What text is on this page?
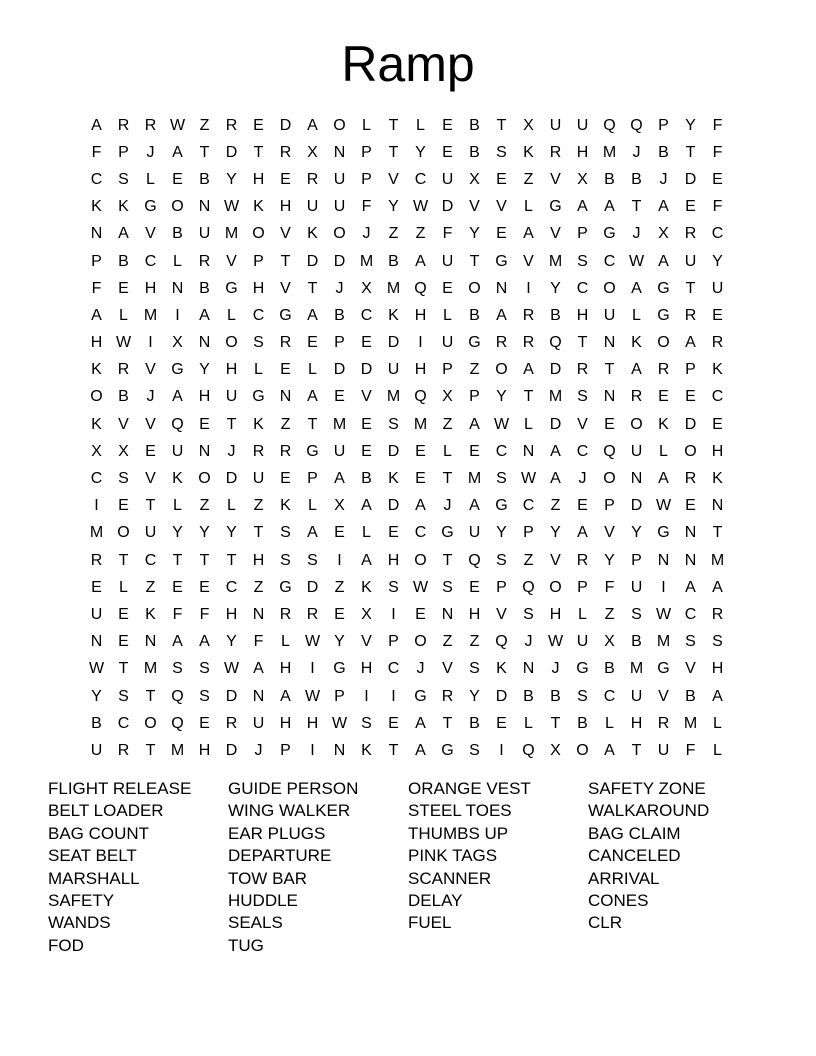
Ramp
A R R W Z	R E D A O	L	T	L	E	B	T	X U U Q Q P	Y	F
F	P	J	A	T	D	T	R X N P	T	Y	E	B	S	K R H M	J	B	T	F
C S	L	E	B	Y H E R U P	V C U X	E	Z	V	X	B	B	J	D E
K	K G O N W K H U U	F	Y W D V	V	L	G A	A	T	A	E	F
N A	V	B U M O V	K O	J	Z	Z	F	Y	E	A	V	P G	J	X R C
P	B C	L	R V	P	T	D D M B	A U	T G V M S C W A U Y
F	E H N B G H V	T	J	X M Q E O N	I	Y C O A G T	U
A	L M	I	A	L	C G A	B C K H	L	B	A R B H U	L	G R E
H W	I	X N O S R E	P	E D	I	U G R R Q T	N K O A R
K R V G Y H	L	E	L	D D U H P	Z O A D R	T	A R P	K
O B	J	A H U G N A	E	V M Q X	P	Y	T M S N R E	E C
K	V	V Q E	T	K	Z	T M E	S M Z	A W L	D V	E O K D E
X	X	E U N	J	R R G U E D E	L	E C N A C Q U	L	O H
C S	V	K O D U E	P	A	B	K	E	T M S W A	J	O N A R K
I	E	T	L	Z	L	Z	K	L	X	A D A	J	A G C	Z	E	P D W E N
M O U Y	Y	Y	T	S	A	E	L	E C G U Y	P	Y	A	V	Y G N	T
R	T	C	T	T	T	H S	S	I	A H O T Q S	Z	V R Y	P N N M
E	L	Z	E	E C	Z G D	Z	K	S W S	E	P Q O P	F	U	I	A	A
U E	K	F	F	H N R R E	X	I	E N H V	S H	L	Z	S W C R
N E N A	A	Y	F	L W Y	V	P O Z	Z Q	J W U X	B M S	S
W T M S	S W A H	I	G H C	J	V	S	K N	J	G B M G V H
Y	S	T Q S D N A W P	I	I	G R Y D B	B	S C U V	B	A
B C O Q E R U H H W S	E	A	T	B	E	L	T	B	L	H R M L
U R	T M H D	J	P	I	N K	T	A G S	I	Q X O A	T	U	F	L
FLIGHT RELEASE
BELT LOADER
BAG COUNT
SEAT BELT
MARSHALL
SAFETY
WANDS
FOD
GUIDE PERSON
WING WALKER
EAR PLUGS
DEPARTURE
TOW BAR
HUDDLE
SEALS
TUG
ORANGE VEST
STEEL TOES
THUMBS UP
PINK TAGS
SCANNER
DELAY
FUEL
SAFETY ZONE
WALKAROUND
BAG CLAIM
CANCELED
ARRIVAL
CONES
CLR
